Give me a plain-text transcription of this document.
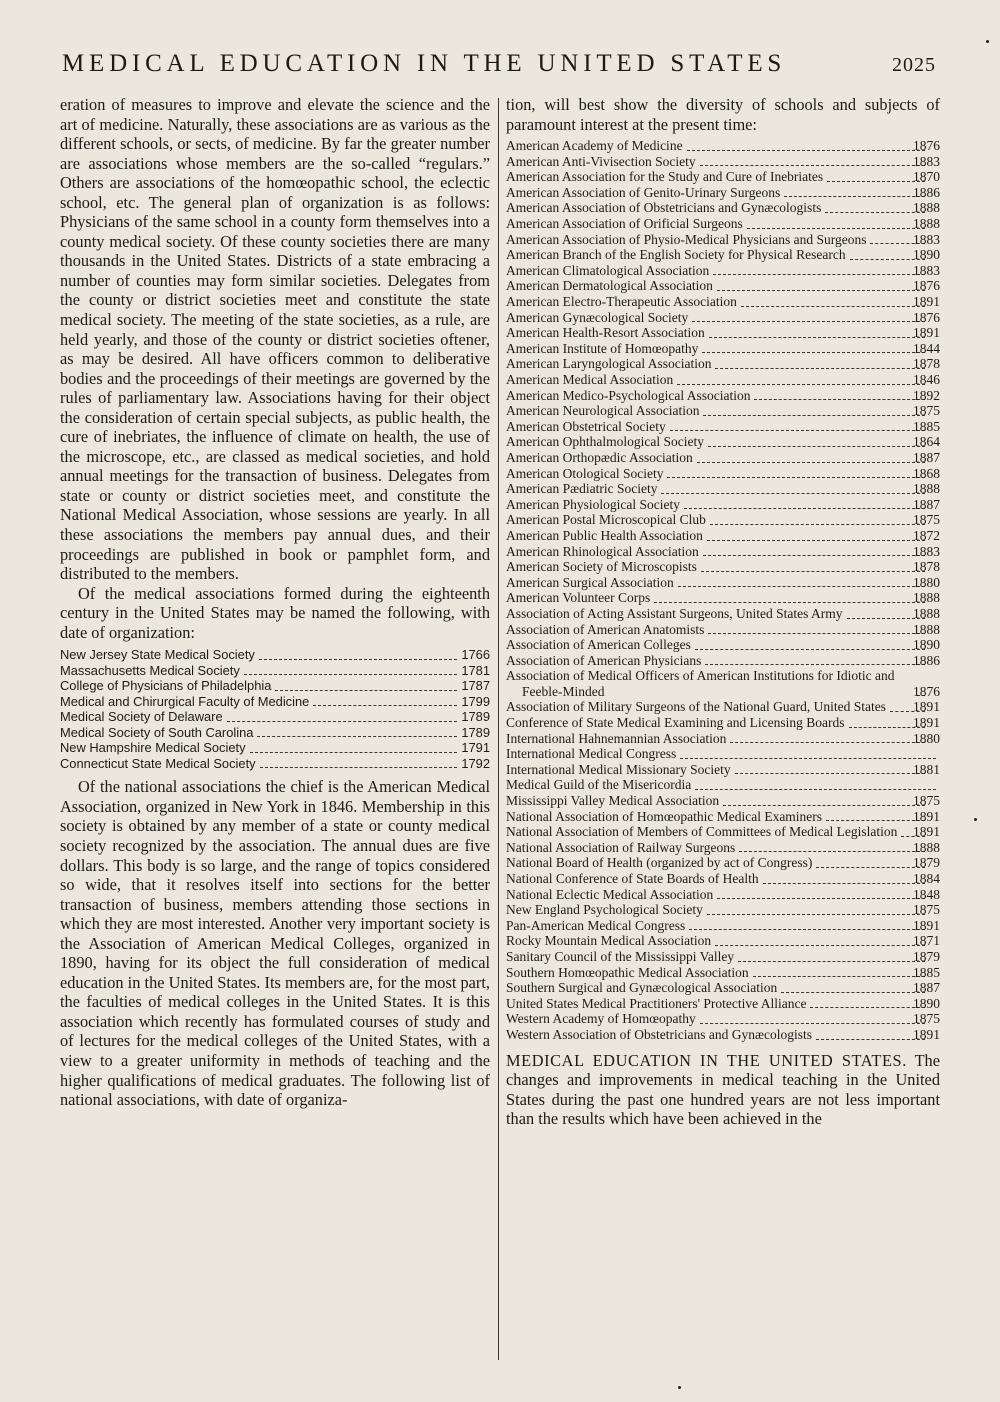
MEDICAL EDUCATION IN THE UNITED STATES	2025

eration of measures to improve and elevate the science and the art of medicine. Naturally, these associations are as various as the different schools, or sects, of medicine. By far the greater number are associations whose members are the so-called “regulars.” Others are associations of the homœopathic school, the eclectic school, etc. The general plan of organization is as follows: Physicians of the same school in a county form themselves into a county medical society. Of these county societies there are many thousands in the United States. Districts of a state embracing a number of counties may form similar societies. Delegates from the county or district societies meet and constitute the state medical society. The meeting of the state societies, as a rule, are held yearly, and those of the county or district societies oftener, as may be desired. All have officers common to deliberative bodies and the proceedings of their meetings are governed by the rules of parliamentary law. Associations having for their object the consideration of certain special subjects, as public health, the cure of inebriates, the influence of climate on health, the use of the microscope, etc., are classed as medical societies, and hold annual meetings for the transaction of business. Delegates from state or county or district societies meet, and constitute the National Medical Association, whose sessions are yearly. In all these associations the members pay annual dues, and their proceedings are published in book or pamphlet form, and distributed to the members.

Of the medical associations formed during the eighteenth century in the United States may be named the following, with date of organization:

New Jersey State Medical Society	1766
Massachusetts Medical Society	1781
College of Physicians of Philadelphia	1787
Medical and Chirurgical Faculty of Medicine	1799
Medical Society of Delaware	1789
Medical Society of South Carolina	1789
New Hampshire Medical Society	1791
Connecticut State Medical Society	1792

Of the national associations the chief is the American Medical Association, organized in New York in 1846. Membership in this society is obtained by any member of a state or county medical society recognized by the association. The annual dues are five dollars. This body is so large, and the range of topics considered so wide, that it resolves itself into sections for the better transaction of business, members attending those sections in which they are most interested. Another very important society is the Association of American Medical Colleges, organized in 1890, having for its object the full consideration of medical education in the United States. Its members are, for the most part, the faculties of medical colleges in the United States. It is this association which recently has formulated courses of study and of lectures for the medical colleges of the United States, with a view to a greater uniformity in methods of teaching and the higher qualifications of medical graduates. The following list of national associations, with date of organiza-

tion, will best show the diversity of schools and subjects of paramount interest at the present time:

American Academy of Medicine	1876
American Anti-Vivisection Society	1883
American Association for the Study and Cure of Inebriates	1870
American Association of Genito-Urinary Surgeons	1886
American Association of Obstetricians and Gynæcologists	1888
American Association of Orificial Surgeons	1888
American Association of Physio-Medical Physicians and Surgeons	1883
American Branch of the English Society for Physical Research	1890
American Climatological Association	1883
American Dermatological Association	1876
American Electro-Therapeutic Association	1891
American Gynæcological Society	1876
American Health-Resort Association	1891
American Institute of Homœopathy	1844
American Laryngological Association	1878
American Medical Association	1846
American Medico-Psychological Association	1892
American Neurological Association	1875
American Obstetrical Society	1885
American Ophthalmological Society	1864
American Orthopædic Association	1887
American Otological Society	1868
American Pædiatric Society	1888
American Physiological Society	1887
American Postal Microscopical Club	1875
American Public Health Association	1872
American Rhinological Association	1883
American Society of Microscopists	1878
American Surgical Association	1880
American Volunteer Corps	1888
Association of Acting Assistant Surgeons, United States Army	1888
Association of American Anatomists	1888
Association of American Colleges	1890
Association of American Physicians	1886
Association of Medical Officers of American Institutions for Idiotic and Feeble-Minded	1876
Association of Military Surgeons of the National Guard, United States 1891
Conference of State Medical Examining and Licensing Boards	1891
International Hahnemannian Association	1880
International Medical Congress
International Medical Missionary Society	1881
Medical Guild of the Misericordia
Mississippi Valley Medical Association	1875
National Association of Homœopathic Medical Examiners	1891
National Association of Members of Committees of Medical Legislation 1891
National Association of Railway Surgeons	1888
National Board of Health (organized by act of Congress)	1879
National Conference of State Boards of Health	1884
National Eclectic Medical Association	1848
New England Psychological Society	1875
Pan-American Medical Congress	1891
Rocky Mountain Medical Association	1871
Sanitary Council of the Mississippi Valley	1879
Southern Homœopathic Medical Association	1885
Southern Surgical and Gynæcological Association	1887
United States Medical Practitioners' Protective Alliance	1890
Western Academy of Homœopathy	1875
Western Association of Obstetricians and Gynæcologists	1891

MEDICAL EDUCATION IN THE UNITED STATES. The changes and improvements in medical teaching in the United States during the past one hundred years are not less important than the results which have been achieved in the
